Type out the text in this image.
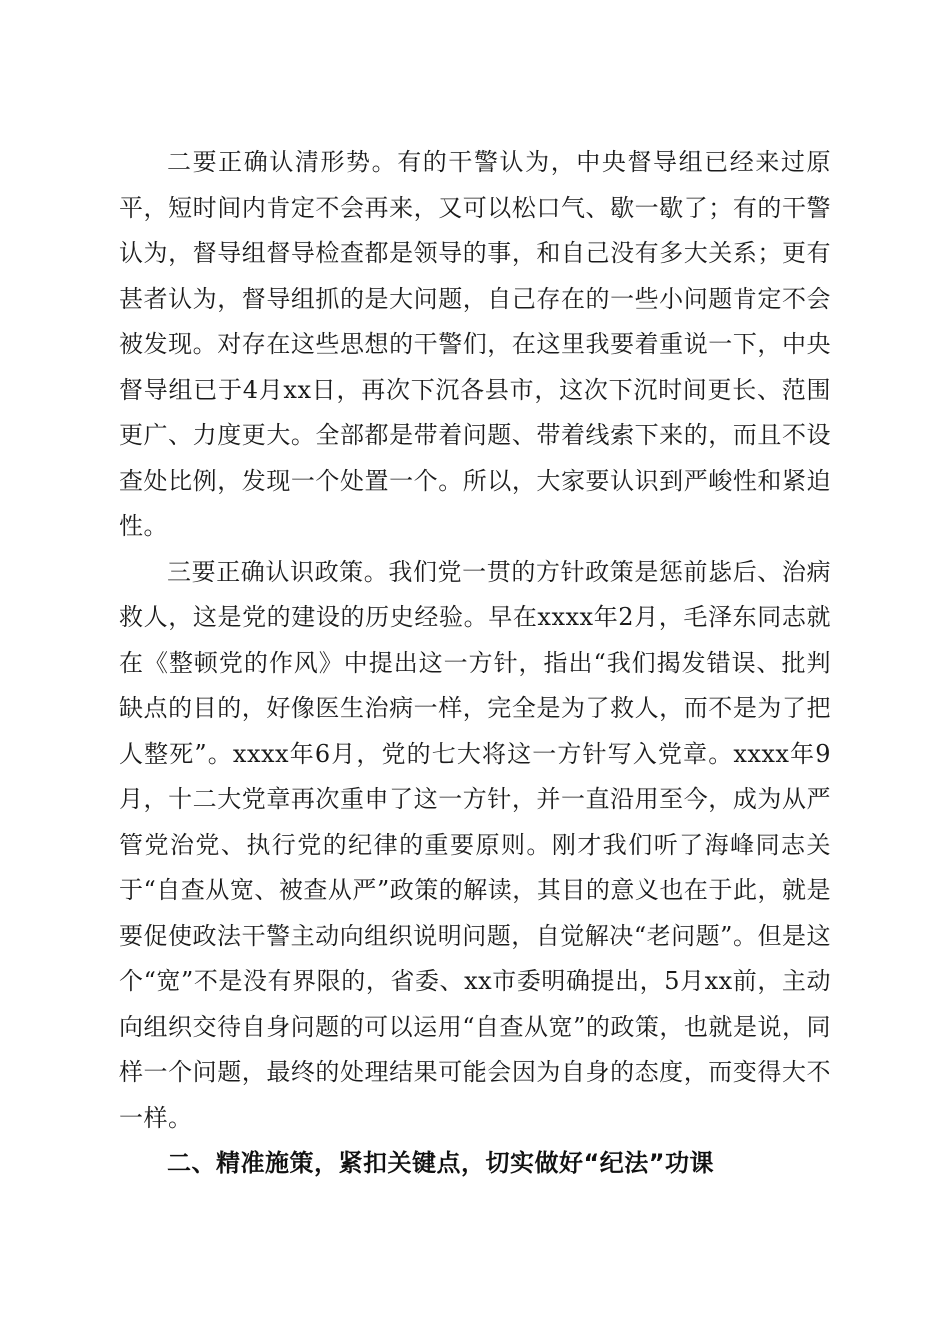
二要正确认清形势。有的干警认为，中央督导组已经来过原平，短时间内肯定不会再来，又可以松口气、歇一歇了；有的干警认为，督导组督导检查都是领导的事，和自己没有多大关系；更有甚者认为，督导组抓的是大问题，自己存在的一些小问题肯定不会被发现。对存在这些思想的干警们，在这里我要着重说一下，中央督导组已于4月xx日，再次下沉各县市，这次下沉时间更长、范围更广、力度更大。全部都是带着问题、带着线索下来的，而且不设查处比例，发现一个处置一个。所以，大家要认识到严峻性和紧迫性。

三要正确认识政策。我们党一贯的方针政策是惩前毖后、治病救人，这是党的建设的历史经验。早在xxxx年2月，毛泽东同志就在《整顿党的作风》中提出这一方针，指出“我们揭发错误、批判缺点的目的，好像医生治病一样，完全是为了救人，而不是为了把人整死”。xxxx年6月，党的七大将这一方针写入党章。xxxx年9月，十二大党章再次重申了这一方针，并一直沿用至今，成为从严管党治党、执行党的纪律的重要原则。刚才我们听了海峰同志关于“自查从宽、被查从严”政策的解读，其目的意义也在于此，就是要促使政法干警主动向组织说明问题，自觉解决“老问题”。但是这个“宽”不是没有界限的，省委、xx市委明确提出，5月xx前，主动向组织交待自身问题的可以运用“自查从宽”的政策，也就是说，同样一个问题，最终的处理结果可能会因为自身的态度，而变得大不一样。

二、精准施策，紧扣关键点，切实做好“纪法”功课
